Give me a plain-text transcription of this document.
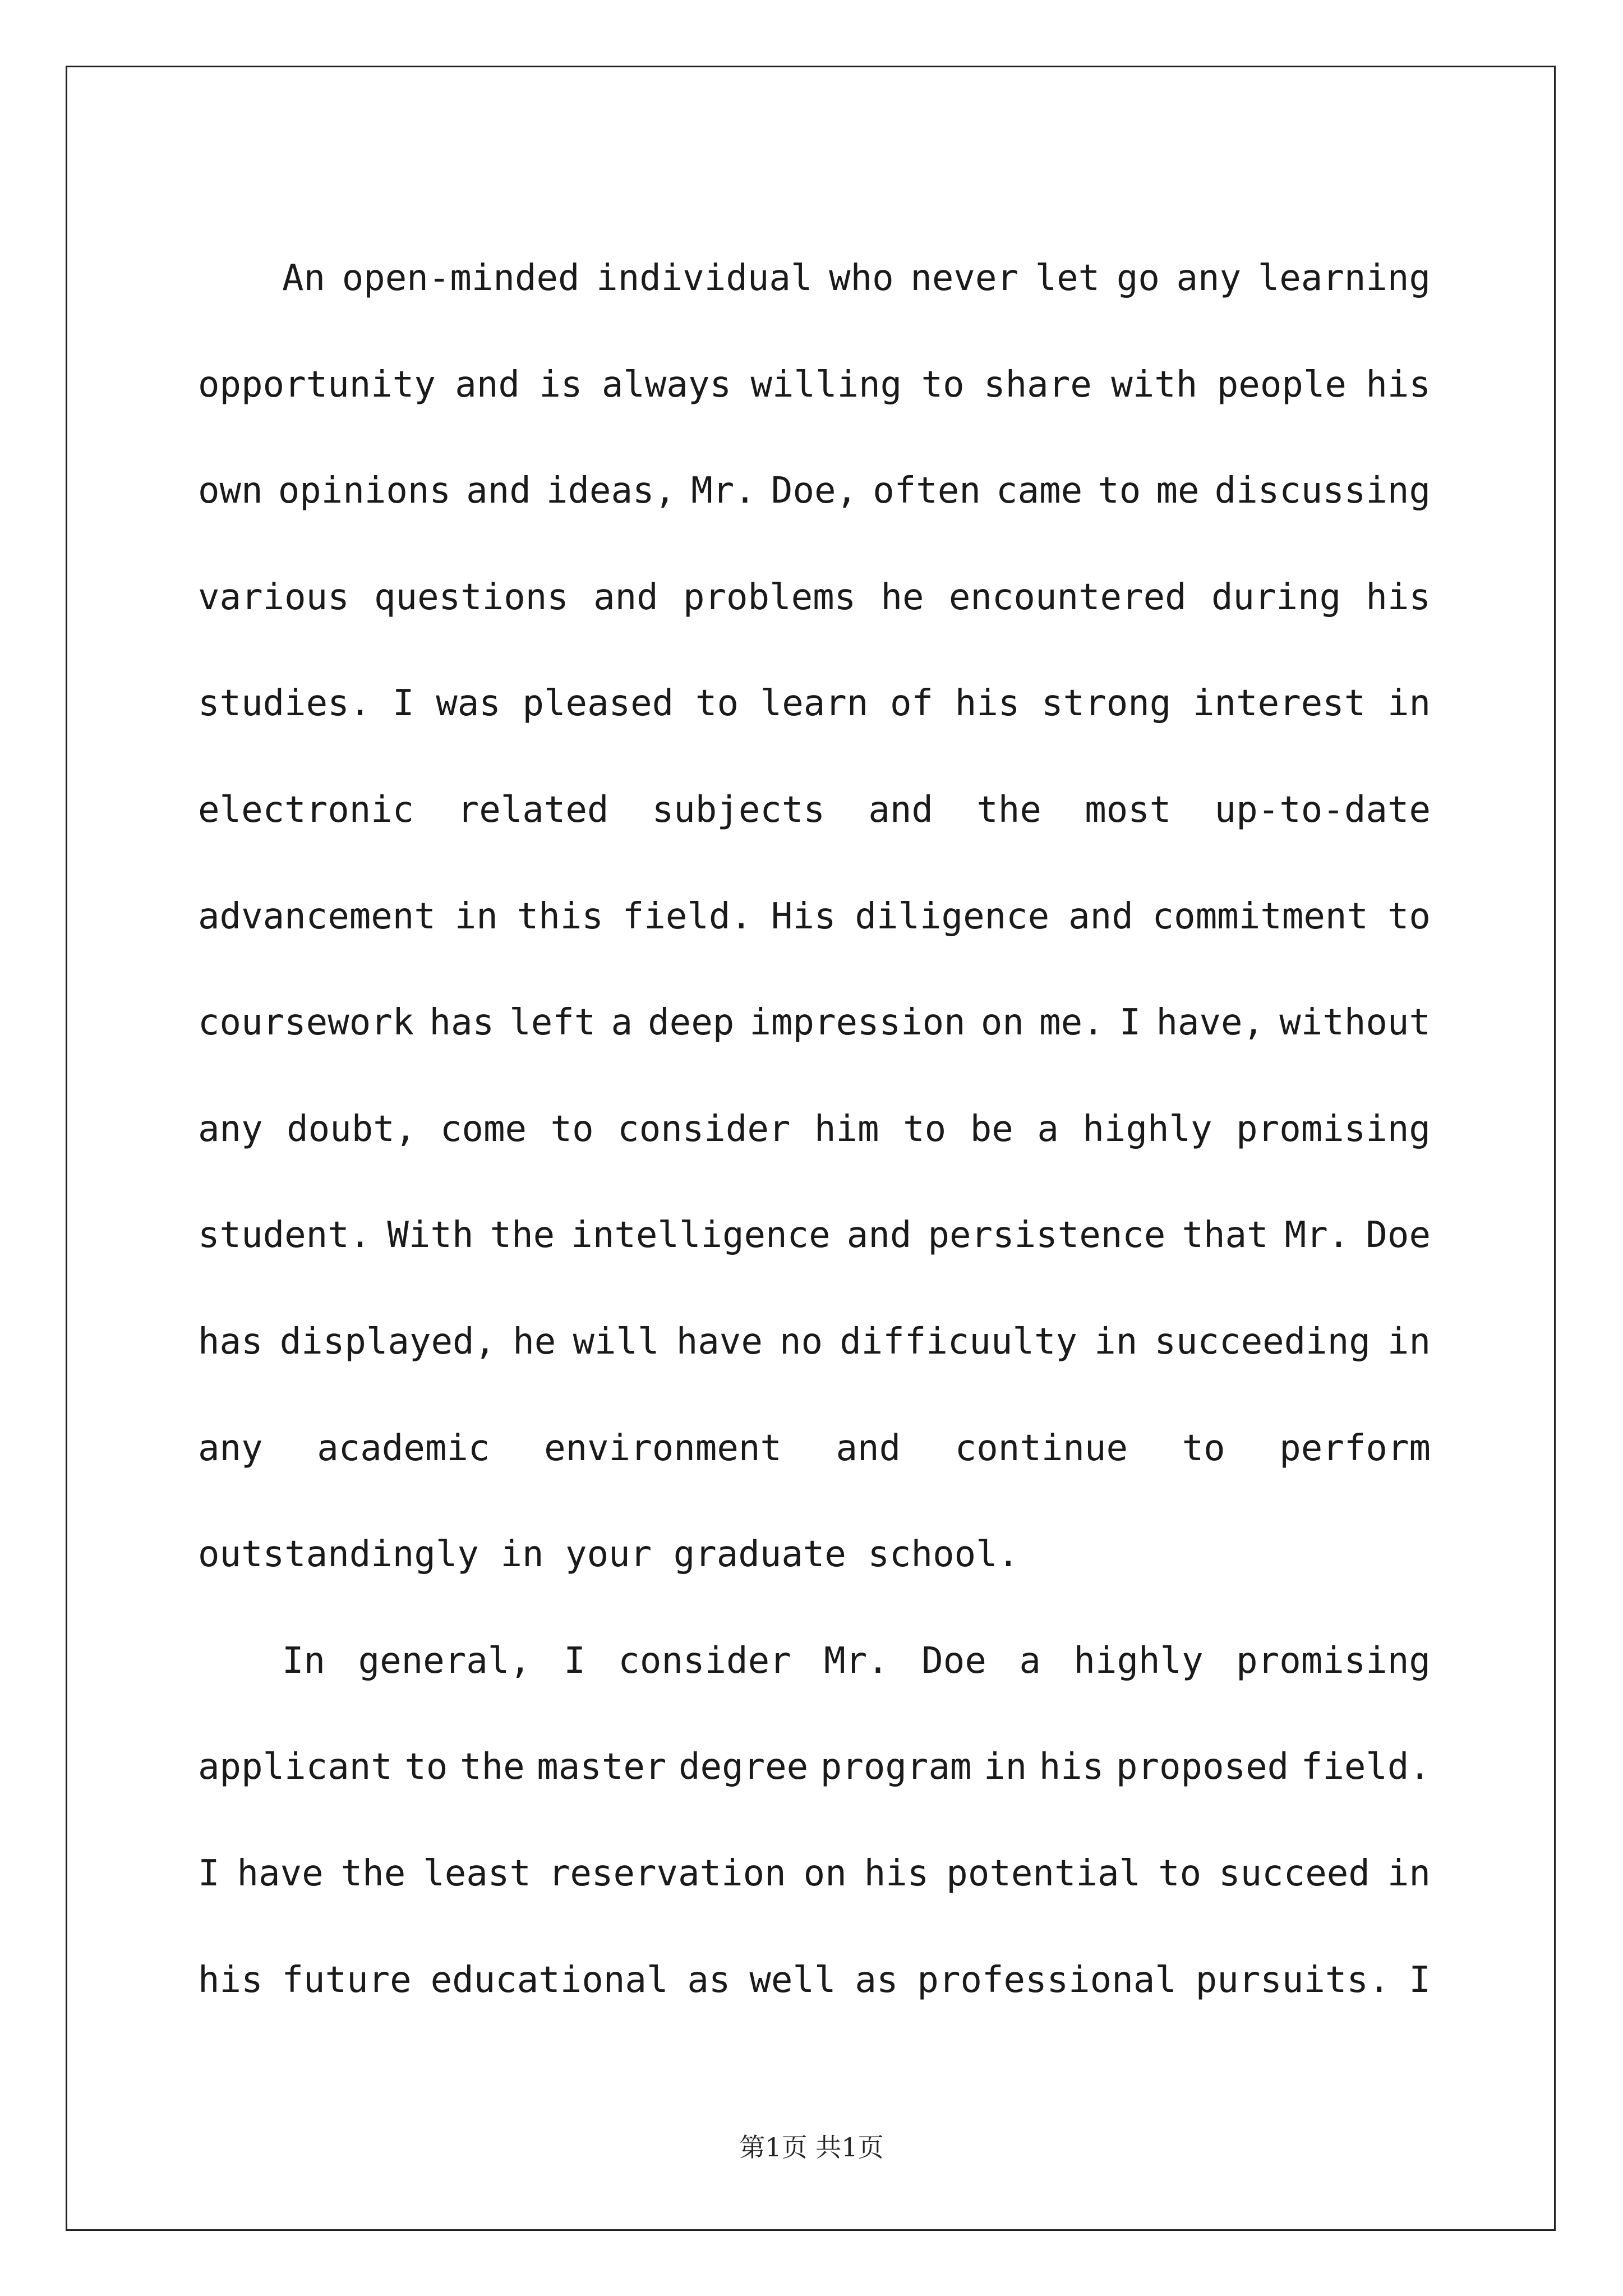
An open-minded individual who never let go any learning
opportunity and is always willing to share with people his
own opinions and ideas, Mr. Doe, often came to me discussing
various questions and problems he encountered during his
studies. I was pleased to learn of his strong interest in
electronic related subjects and the most up-to-date
advancement in this field. His diligence and commitment to
coursework has left a deep impression on me. I have, without
any doubt, come to consider him to be a highly promising
student. With the intelligence and persistence that Mr. Doe
has displayed, he will have no difficuulty in succeeding in
any academic environment and continue to perform
outstandingly in your graduate school.
In general, I consider Mr. Doe a highly promising
applicant to the master degree program in his proposed field.
I have the least reservation on his potential to succeed in
his future educational as well as professional pursuits. I
第1页 共1页
